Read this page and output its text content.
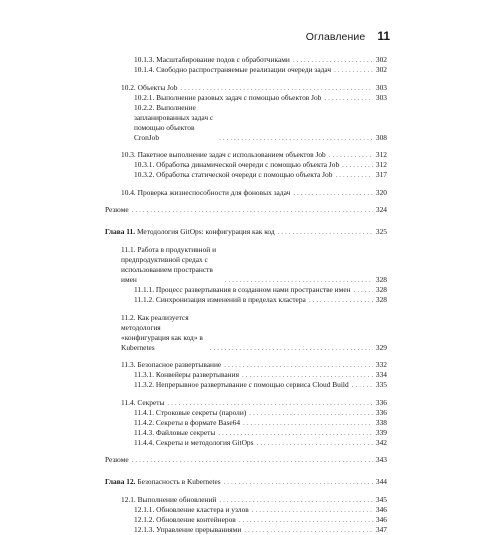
Оглавление 11
10.1.3. Масштабирование подов с обработчиками . . .	302
10.1.4. Свободно распространяемые реализации очереди задач . . .	302
10.2. Объекты Job . . .	303
10.2.1. Выполнение разовых задач с помощью объектов Job . . .	303
10.2.2. Выполнение запланированных задач с помощью объектов CronJob . . .	308
10.3. Пакетное выполнение задач с использованием объектов Job . . .	312
10.3.1. Обработка динамической очереди с помощью объекта Job . . .	312
10.3.2. Обработка статической очереди с помощью объекта Job . . .	317
10.4. Проверка жизнеспособности для фоновых задач . . .	320
Резюме . . .	324
Глава 11. Методология GitOps: конфигурация как код . . .	325
11.1. Работа в продуктивной и предпродуктивной средах с использованием пространств имен . . .	328
11.1.1. Процесс развертывания в созданном нами пространстве имен . . .	328
11.1.2. Синхронизация изменений в пределах кластера . . .	328
11.2. Как реализуется методология «конфигурация как код» в Kubernetes . . .	329
11.3. Безопасное развертывание . . .	332
11.3.1. Конвейеры развертывания . . .	334
11.3.2. Непрерывное развертывание с помощью сервиса Cloud Build . . .	335
11.4. Секреты . . .	336
11.4.1. Строковые секреты (пароли) . . .	336
11.4.2. Секреты в формате Base64 . . .	338
11.4.3. Файловые секреты . . .	339
11.4.4. Секреты и методология GitOps . . .	342
Резюме . . .	343
Глава 12. Безопасность в Kubernetes . . .	344
12.1. Выполнение обновлений . . .	345
12.1.1. Обновление кластера и узлов . . .	346
12.1.2. Обновление контейнеров . . .	346
12.1.3. Управление прерываниями . . .	347
